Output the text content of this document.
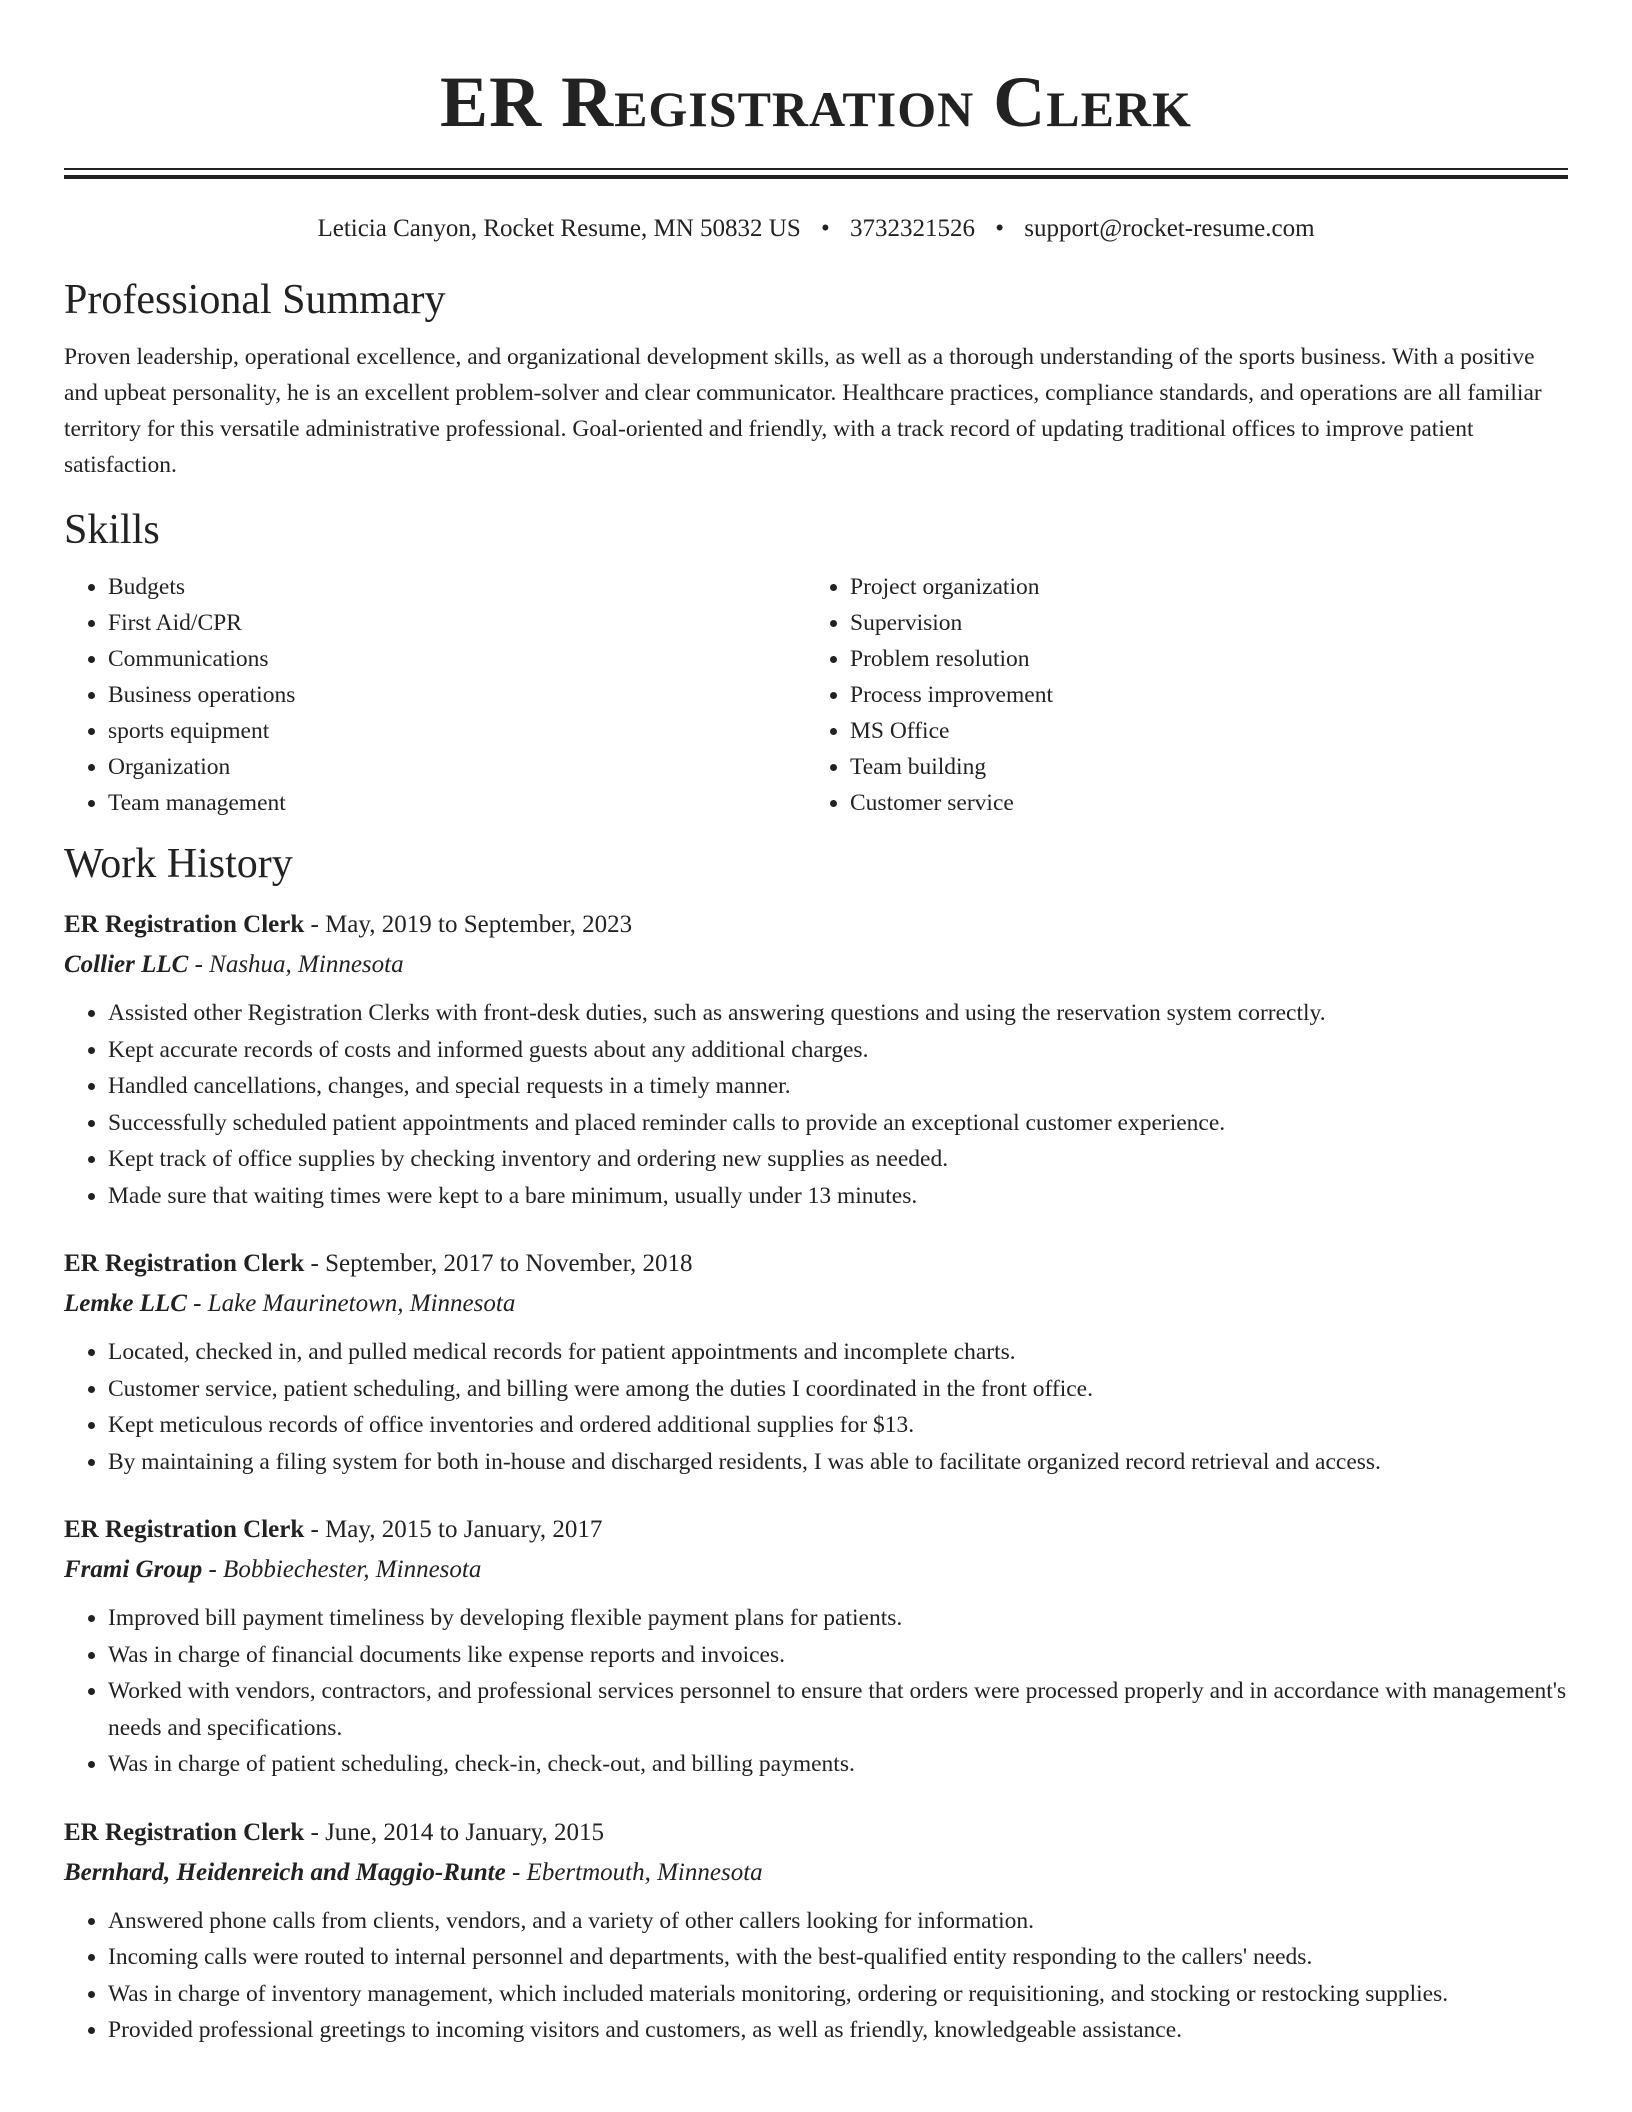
ER Registration Clerk
Leticia Canyon, Rocket Resume, MN 50832 US • 3732321526 • support@rocket-resume.com
Professional Summary
Proven leadership, operational excellence, and organizational development skills, as well as a thorough understanding of the sports business. With a positive and upbeat personality, he is an excellent problem-solver and clear communicator. Healthcare practices, compliance standards, and operations are all familiar territory for this versatile administrative professional. Goal-oriented and friendly, with a track record of updating traditional offices to improve patient satisfaction.
Skills
• Budgets
• First Aid/CPR
• Communications
• Business operations
• sports equipment
• Organization
• Team management
• Project organization
• Supervision
• Problem resolution
• Process improvement
• MS Office
• Team building
• Customer service
Work History
ER Registration Clerk - May, 2019 to September, 2023
Collier LLC - Nashua, Minnesota
• Assisted other Registration Clerks with front-desk duties, such as answering questions and using the reservation system correctly.
• Kept accurate records of costs and informed guests about any additional charges.
• Handled cancellations, changes, and special requests in a timely manner.
• Successfully scheduled patient appointments and placed reminder calls to provide an exceptional customer experience.
• Kept track of office supplies by checking inventory and ordering new supplies as needed.
• Made sure that waiting times were kept to a bare minimum, usually under 13 minutes.
ER Registration Clerk - September, 2017 to November, 2018
Lemke LLC - Lake Maurinetown, Minnesota
• Located, checked in, and pulled medical records for patient appointments and incomplete charts.
• Customer service, patient scheduling, and billing were among the duties I coordinated in the front office.
• Kept meticulous records of office inventories and ordered additional supplies for $13.
• By maintaining a filing system for both in-house and discharged residents, I was able to facilitate organized record retrieval and access.
ER Registration Clerk - May, 2015 to January, 2017
Frami Group - Bobbiechester, Minnesota
• Improved bill payment timeliness by developing flexible payment plans for patients.
• Was in charge of financial documents like expense reports and invoices.
• Worked with vendors, contractors, and professional services personnel to ensure that orders were processed properly and in accordance with management's needs and specifications.
• Was in charge of patient scheduling, check-in, check-out, and billing payments.
ER Registration Clerk - June, 2014 to January, 2015
Bernhard, Heidenreich and Maggio-Runte - Ebertmouth, Minnesota
• Answered phone calls from clients, vendors, and a variety of other callers looking for information.
• Incoming calls were routed to internal personnel and departments, with the best-qualified entity responding to the callers' needs.
• Was in charge of inventory management, which included materials monitoring, ordering or requisitioning, and stocking or restocking supplies.
• Provided professional greetings to incoming visitors and customers, as well as friendly, knowledgeable assistance.
